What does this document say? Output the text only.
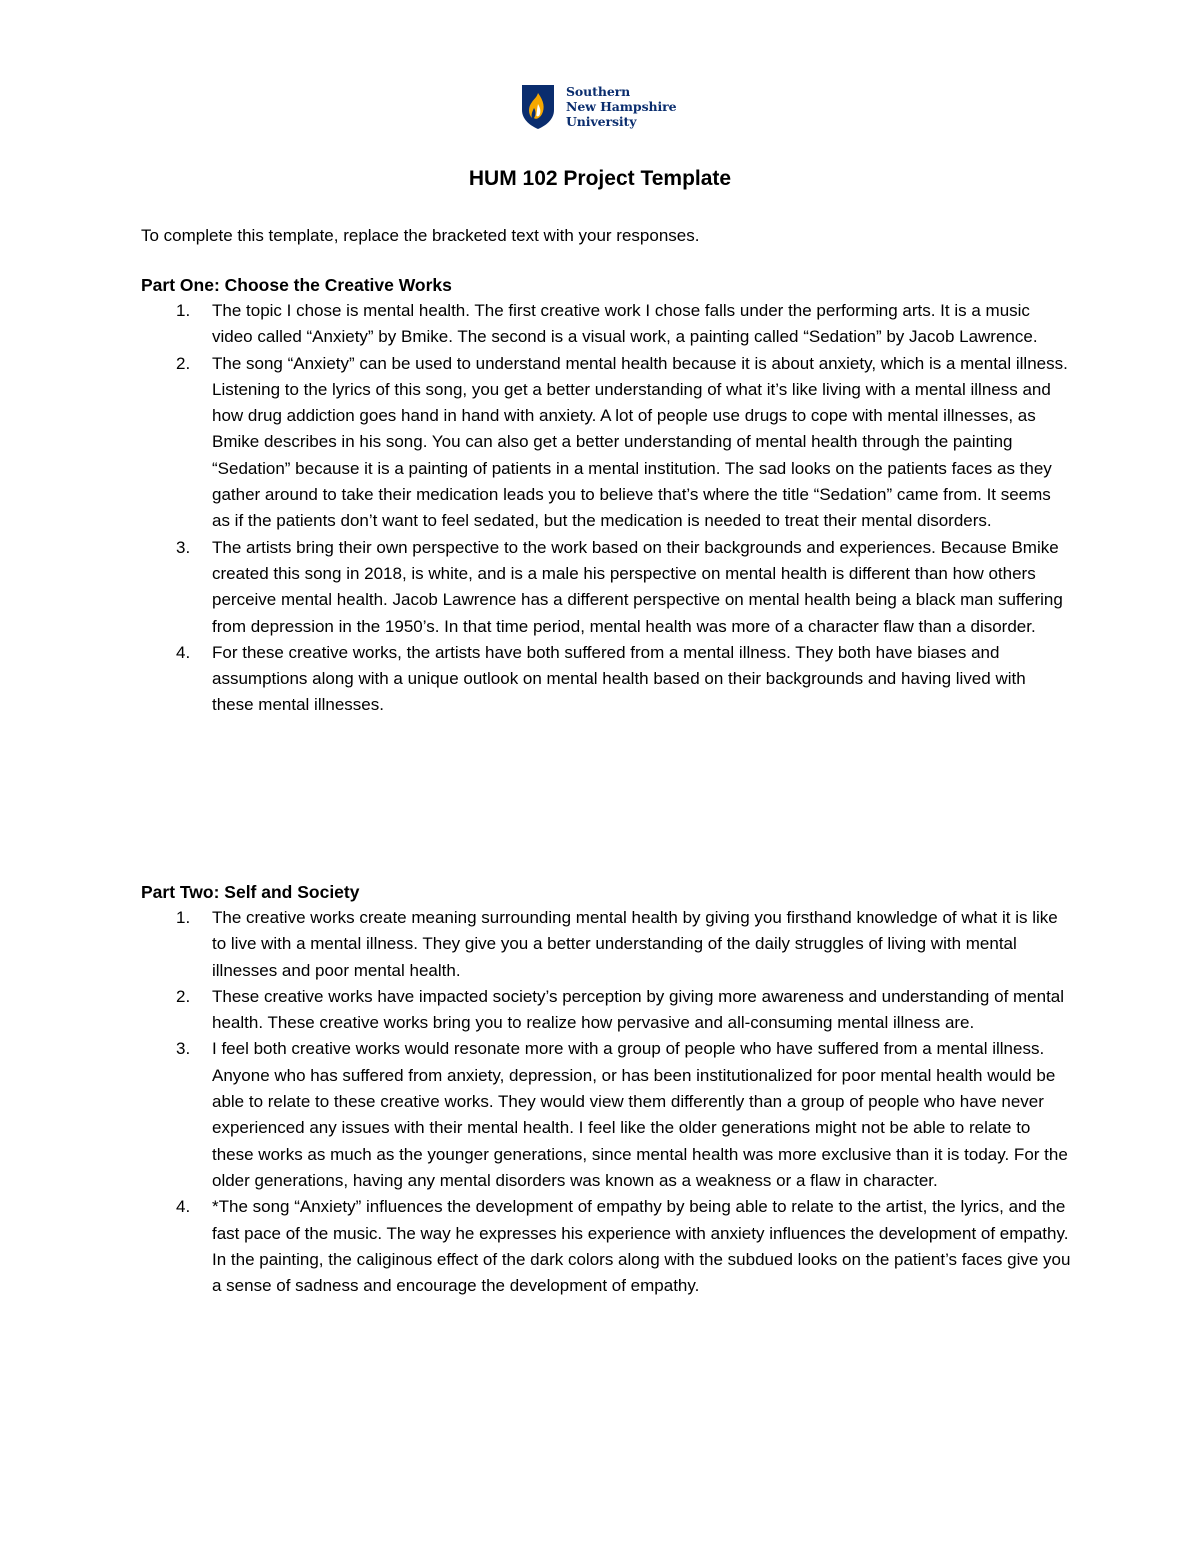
Southern
New Hampshire
University
HUM 102 Project Template

To complete this template, replace the bracketed text with your responses.

Part One: Choose the Creative Works
1. The topic I chose is mental health. The first creative work I chose falls under the performing arts. It is a music video called “Anxiety” by Bmike. The second is a visual work, a painting called “Sedation” by Jacob Lawrence.
2. The song “Anxiety” can be used to understand mental health because it is about anxiety, which is a mental illness. Listening to the lyrics of this song, you get a better understanding of what it’s like living with a mental illness and how drug addiction goes hand in hand with anxiety. A lot of people use drugs to cope with mental illnesses, as Bmike describes in his song. You can also get a better understanding of mental health through the painting “Sedation” because it is a painting of patients in a mental institution. The sad looks on the patients faces as they gather around to take their medication leads you to believe that’s where the title “Sedation” came from. It seems as if the patients don’t want to feel sedated, but the medication is needed to treat their mental disorders.
3. The artists bring their own perspective to the work based on their backgrounds and experiences. Because Bmike created this song in 2018, is white, and is a male his perspective on mental health is different than how others perceive mental health. Jacob Lawrence has a different perspective on mental health being a black man suffering from depression in the 1950’s. In that time period, mental health was more of a character flaw than a disorder.
4. For these creative works, the artists have both suffered from a mental illness. They both have biases and assumptions along with a unique outlook on mental health based on their backgrounds and having lived with these mental illnesses.
Part Two: Self and Society
1. The creative works create meaning surrounding mental health by giving you firsthand knowledge of what it is like to live with a mental illness. They give you a better understanding of the daily struggles of living with mental illnesses and poor mental health.
2. These creative works have impacted society’s perception by giving more awareness and understanding of mental health. These creative works bring you to realize how pervasive and all-consuming mental illness are.
3. I feel both creative works would resonate more with a group of people who have suffered from a mental illness. Anyone who has suffered from anxiety, depression, or has been institutionalized for poor mental health would be able to relate to these creative works. They would view them differently than a group of people who have never experienced any issues with their mental health. I feel like the older generations might not be able to relate to these works as much as the younger generations, since mental health was more exclusive than it is today. For the older generations, having any mental disorders was known as a weakness or a flaw in character.
4. *The song “Anxiety” influences the development of empathy by being able to relate to the artist, the lyrics, and the fast pace of the music. The way he expresses his experience with anxiety influences the development of empathy. In the painting, the caliginous effect of the dark colors along with the subdued looks on the patient’s faces give you a sense of sadness and encourage the development of empathy.
